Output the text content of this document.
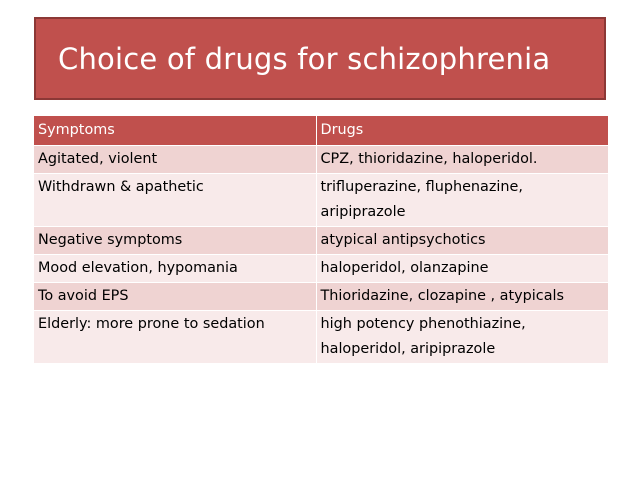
Choice of drugs for schizophrenia
Symptoms	Drugs
Agitated, violent	CPZ, thioridazine, haloperidol.
Withdrawn & apathetic	trifluperazine, fluphenazine, aripiprazole
Negative symptoms	atypical antipsychotics
Mood elevation, hypomania	haloperidol, olanzapine
To avoid EPS	Thioridazine, clozapine , atypicals
Elderly: more prone to sedation	high potency phenothiazine, haloperidol, aripiprazole
